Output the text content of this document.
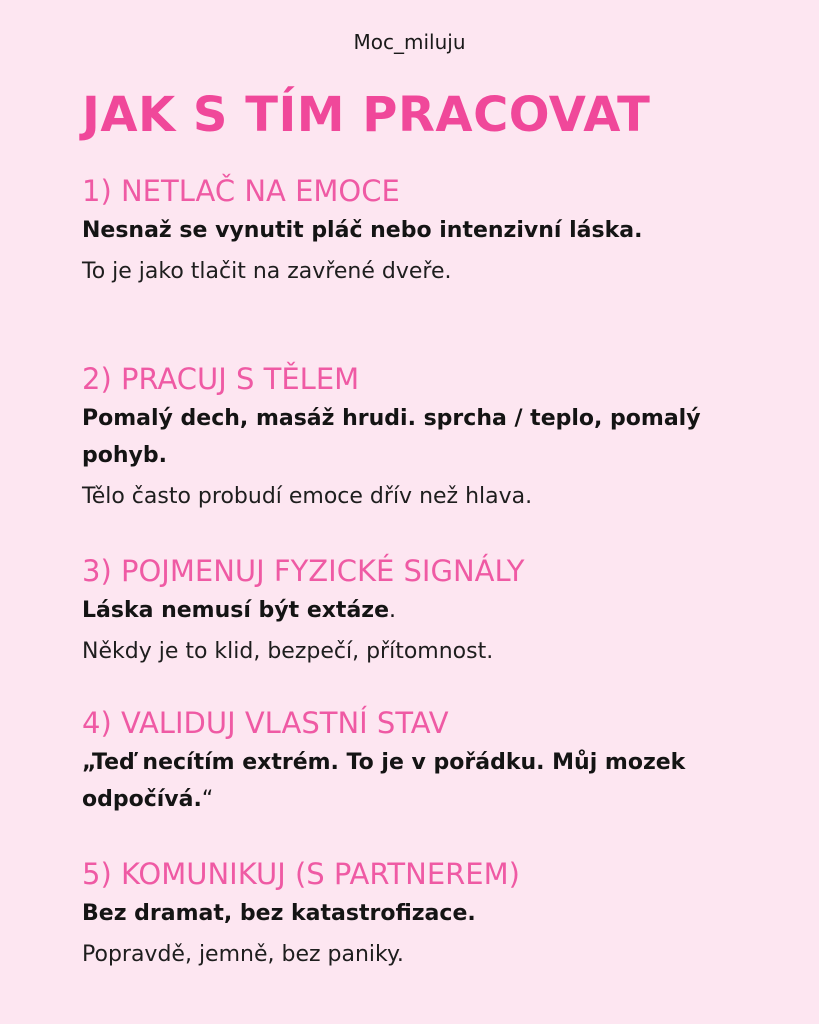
Moc_miluju
JAK S TÍM PRACOVAT
1) NETLAČ NA EMOCE

Nesnaž se vynutit pláč nebo intenzivní láska.

To je jako tlačit na zavřené dveře.

2) PRACUJ S TĚLEM

Pomalý dech, masáž hrudi. sprcha / teplo, pomalý pohyb.

Tělo často probudí emoce dřív než hlava.

3) POJMENUJ FYZICKÉ SIGNÁLY

Láska nemusí být extáze.

Někdy je to klid, bezpečí, přítomnost.

4) VALIDUJ VLASTNÍ STAV

„Teď necítím extrém. To je v pořádku. Můj mozek odpočívá.“

5) KOMUNIKUJ (S PARTNEREM)

Bez dramat, bez katastrofizace.

Popravdě, jemně, bez paniky.
